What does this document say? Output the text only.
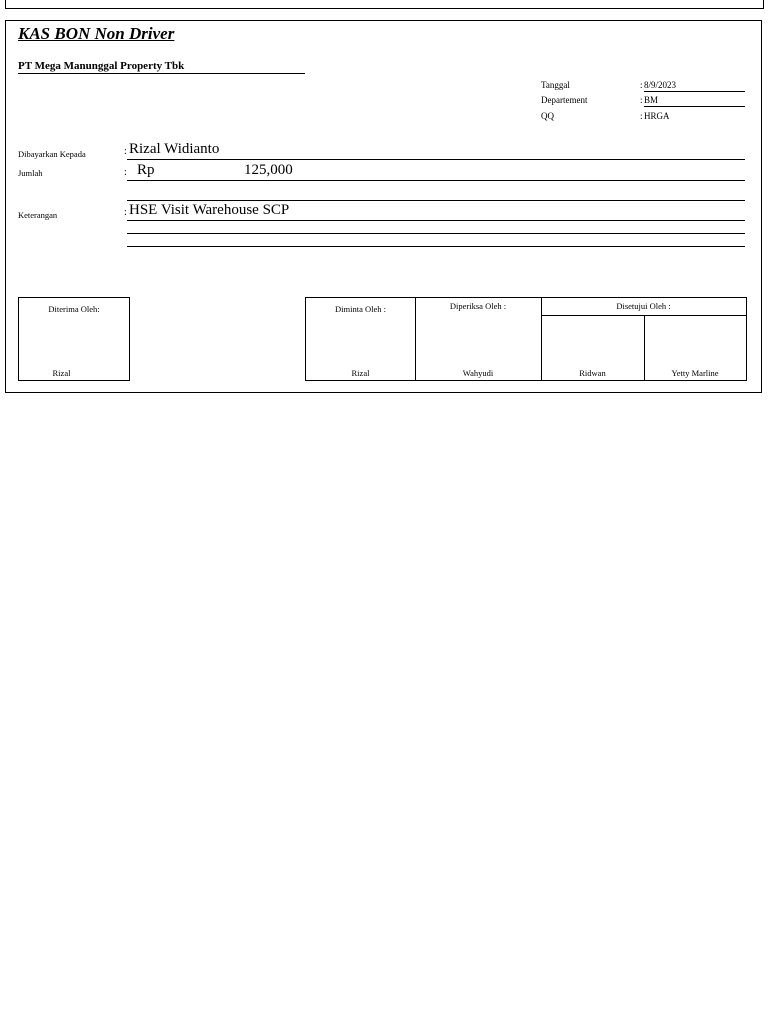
KAS BON Non Driver
PT Mega Manunggal Property Tbk
Tanggal	: 8/9/2023
Departement	: BM
QQ	: HRGA
Dibayarkan Kepada	: Rizal Widianto
Jumlah	: Rp	125,000
Keterangan	: HSE Visit Warehouse SCP
Diterima Oleh:
Rizal
Diminta Oleh :	Diperiksa Oleh :	Disetujui Oleh :
Rizal	Wahyudi	Ridwan	Yetty Marline
